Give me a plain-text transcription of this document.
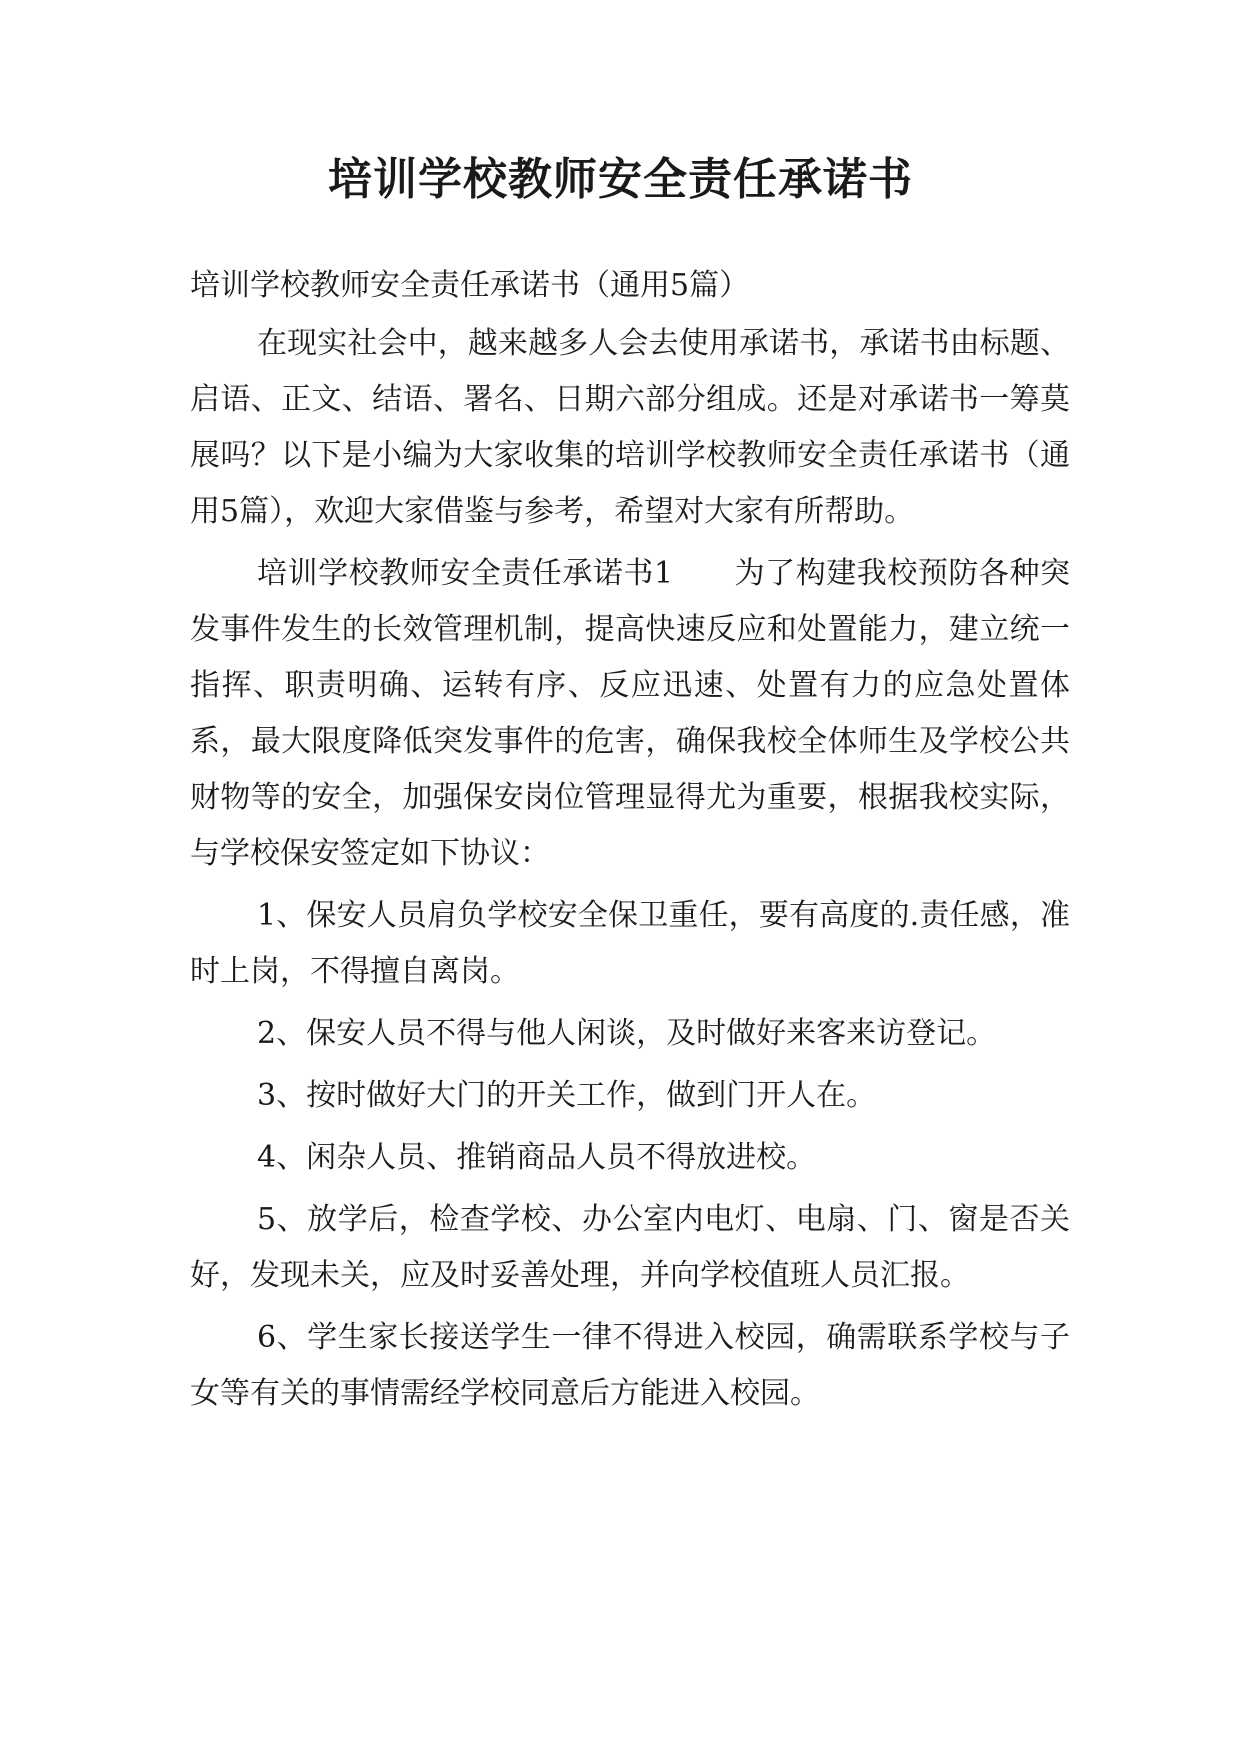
培训学校教师安全责任承诺书

培训学校教师安全责任承诺书（通用5篇）

在现实社会中，越来越多人会去使用承诺书，承诺书由标题、启语、正文、结语、署名、日期六部分组成。还是对承诺书一筹莫展吗？以下是小编为大家收集的培训学校教师安全责任承诺书（通用5篇），欢迎大家借鉴与参考，希望对大家有所帮助。

培训学校教师安全责任承诺书1　　为了构建我校预防各种突发事件发生的长效管理机制，提高快速反应和处置能力，建立统一指挥、职责明确、运转有序、反应迅速、处置有力的应急处置体系，最大限度降低突发事件的危害，确保我校全体师生及学校公共财物等的安全，加强保安岗位管理显得尤为重要，根据我校实际，与学校保安签定如下协议：

1、保安人员肩负学校安全保卫重任，要有高度的.责任感，准时上岗，不得擅自离岗。

2、保安人员不得与他人闲谈，及时做好来客来访登记。

3、按时做好大门的开关工作，做到门开人在。

4、闲杂人员、推销商品人员不得放进校。

5、放学后，检查学校、办公室内电灯、电扇、门、窗是否关好，发现未关，应及时妥善处理，并向学校值班人员汇报。

6、学生家长接送学生一律不得进入校园，确需联系学校与子女等有关的事情需经学校同意后方能进入校园。
